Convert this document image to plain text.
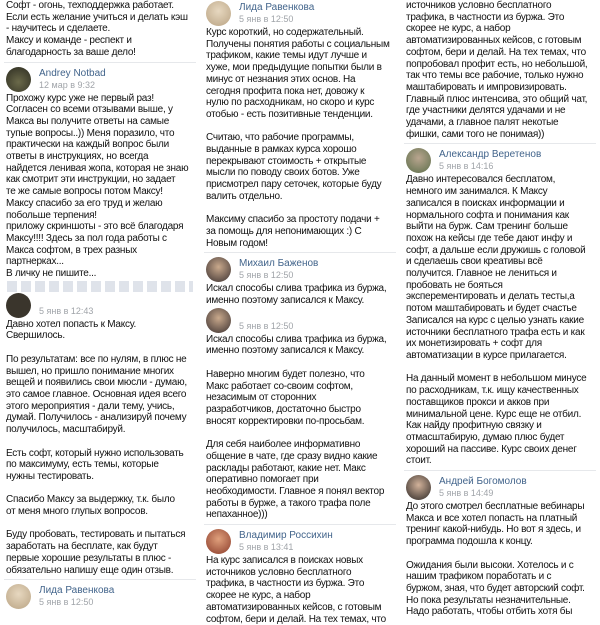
Софт - огонь, техподдержка работает.
Если есть желание учиться и делать кэш
- научитесь и сделаете.
Максу и команде - респект и
благодарность за ваше дело!
Andrey Notbad
12 мар в 9:32
Прохожу курс уже не первый раз!
Согласен со всеми отзывами выше, у
Макса вы получите ответы на самые
тупые вопросы..)) Меня поразило, что
практически на каждый вопрос были
ответы в инструкциях, но всегда
найдется ленивая жопа, которая не знаю
как смотрит эти инструкции, но задает
те же самые вопросы потом Максу!
Максу спасибо за его труд и желаю
побольше терпения!
приложу скриншоты - это всё благодаря
Максу!!!! Здесь за пол года работы с
Макса софтом, в трех разных
партнерках...
В личку не пишите...
5 янв в 12:43
Давно хотел попасть к Максу.
Свершилось.

По результатам: все по нулям, в плюс не
вышел, но пришло понимание многих
вещей и появились свои мюсли - думаю,
это самое главное. Основная идея всего
этого мероприятия - дали тему, учись,
думай. Получилось - анализируй почему
получилось, масштабируй.

Есть софт, который нужно использовать
по максимуму, есть темы, которые
нужны тестировать.

Спасибо Максу за выдержку, т.к. было
от меня много глупых вопросов.

Буду пробовать, тестировать и пытаться
заработать на бесплате, как будут
первые хорошие результаты в плюс -
обязательно напишу еще один отзыв.
Лида Равенкова
5 янв в 12:50
Лида Равенкова
5 янв в 12:50
Курс короткий, но содержательный.
Получены понятия работы с социальным
трафиком, какие темы идут лучше и
хуже, мои предыдущие попытки были в
минус от незнания этих основ. На
сегодня профита пока нет, довожу к
нулю по расходникам, но скоро и курс
отобью - есть позитивные тенденции.

Считаю, что рабочие программы,
выданные в рамках курса хорошо
перекрывают стоимость + открытые
мысли по поводу своих ботов. Уже
присмотрел пару сеточек, которые буду
валить отдельно.

Максиму спасибо за простоту подачи +
за помощь для непонимающих :) С
Новым годом!
Михаил Баженов
5 янв в 12:50
Искал способы слива трафика из буржа,
именно поэтому записался к Максу.
5 янв в 12:50
Искал способы слива трафика из буржа,
именно поэтому записался к Максу.

Наверно многим будет полезно, что
Макс работает со-своим софтом,
незасимым от сторонних
разработчиков, достаточно быстро
вносят корректировки по-просьбам.

Для себя наиболее информативно
общение в чате, где сразу видно какие
расклады работают, какие нет. Макс
оперативно помогает при
необходимости. Главное я понял вектор
работы в бурже, а такого трафа поле
непаханное)))
Владимир Россихин
5 янв в 13:41
На курс записался в поисках новых
источников условно бесплатного
трафика, в частности из буржа. Это
скорее не курс, а набор
автоматизированных кейсов, с готовым
софтом, бери и делай. На тех темах, что
источников условно бесплатного
трафика, в частности из буржа. Это
скорее не курс, а набор
автоматизированных кейсов, с готовым
софтом, бери и делай. На тех темах, что
попробовал профит есть, но небольшой,
так что темы все рабочие, только нужно
маштабировать и импровизировать.
Главный плюс интенсива, это общий чат,
где участники делятся удачами и не
удачами, а главное палят некотые
фишки, сами того не понимая))
Александр Веретенов
5 янв в 14:16
Давно интересовался бесплатом,
немного им занимался. К Максу
записался в поисках информации и
нормального софта и понимания как
выйти на бурж. Сам тренинг больше
похож на кейсы где тебе дают инфу и
софт, а дальше если дружишь с головой
и сделаешь свои креативы всё
получится. Главное не лениться и
пробовать не бояться
эксперементировать и делать тесты,а
потом маштабировать и будет счастье
Записался на курс с целью узнать какие
источники бесплатного трафа есть и как
их монетизировать + софт для
автоматизации в курсе прилагается.

На данный момент в небольшом минусе
по расходникам, т.к. ищу качественных
поставщиков прокси и акков при
минимальной цене. Курс еще не отбил.
Как найду профитную связку и
отмасштабирую, думаю плюс будет
хороший на пассиве. Курс своих денег
стоит.
Андрей Богомолов
5 янв в 14:49
До этого смотрел бесплатные вебинары
Макса и все хотел попасть на платный
тренинг какой-нибудь. Но вот я здесь, и
программа подошла к концу.

Ожидания были высоки. Хотелось и с
нашим трафиком поработать и с
буржом, зная, что будет авторский софт.
Но пока результаты незначительные.
Надо работать, чтобы отбить хотя бы
